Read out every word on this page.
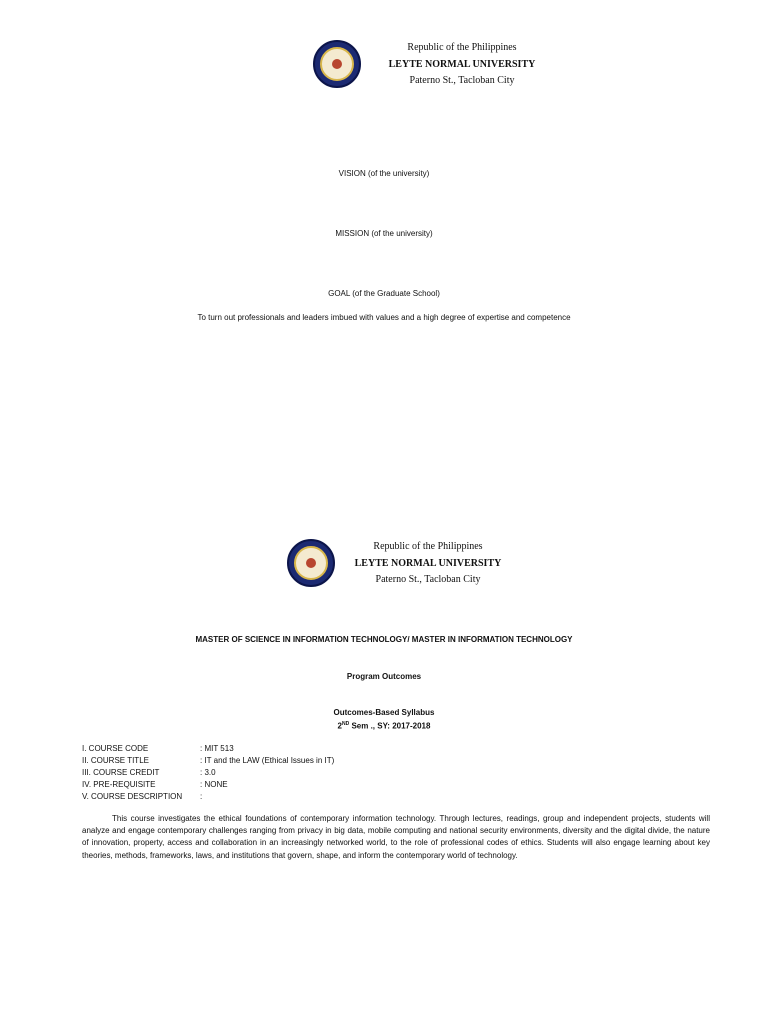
Republic of the Philippines
LEYTE NORMAL UNIVERSITY
Paterno St., Tacloban City
VISION (of the university)
MISSION (of the university)
GOAL (of the Graduate School)
To turn out professionals and leaders imbued with values and a high degree of expertise and competence
Republic of the Philippines
LEYTE NORMAL UNIVERSITY
Paterno St., Tacloban City
MASTER OF SCIENCE IN INFORMATION TECHNOLOGY/ MASTER IN INFORMATION TECHNOLOGY
Program Outcomes
Outcomes-Based Syllabus
2ND Sem ., SY: 2017-2018
I. COURSE CODE	: MIT 513
II. COURSE TITLE	: IT and the LAW (Ethical Issues in IT)
III. COURSE CREDIT	: 3.0
IV. PRE-REQUISITE	: NONE
V. COURSE DESCRIPTION :
This course investigates the ethical foundations of contemporary information technology. Through lectures, readings, group and independent projects, students will analyze and engage contemporary challenges ranging from privacy in big data, mobile computing and national security environments, diversity and the digital divide, the nature of innovation, property, access and collaboration in an increasingly networked world, to the role of professional codes of ethics. Students will also engage learning about key theories, methods, frameworks, laws, and institutions that govern, shape, and inform the contemporary world of technology.
